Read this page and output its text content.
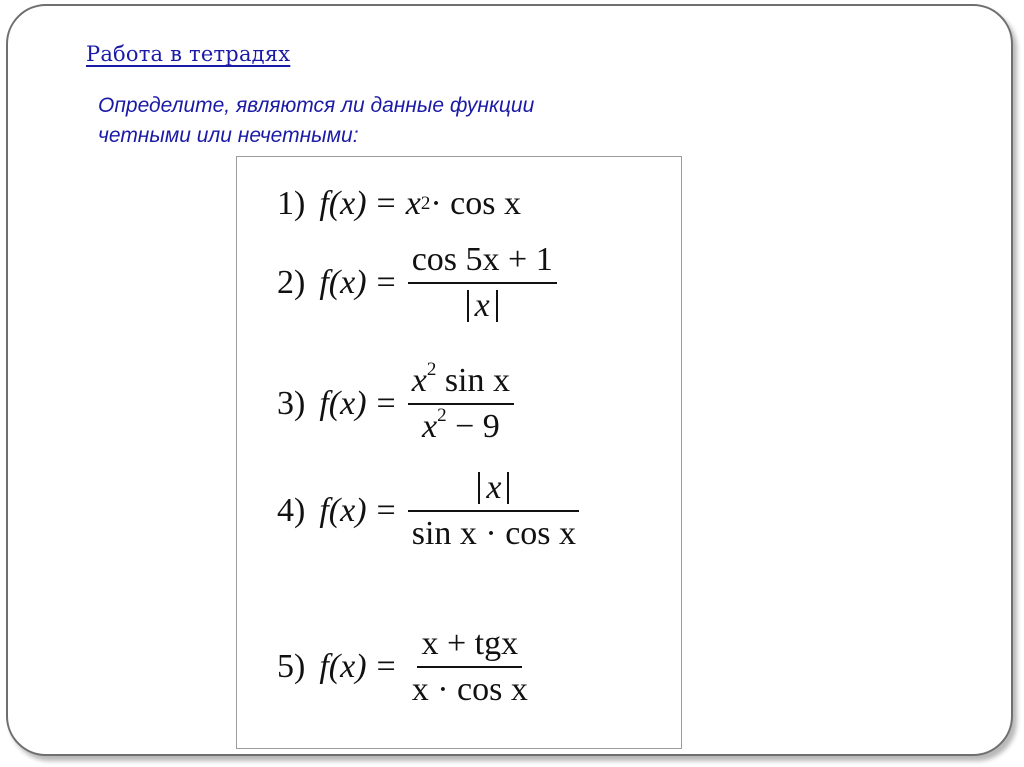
Работа в тетрадях
Определите, являются ли данные функции
четными или нечетными:
1) f (x) = x 2 · cos x
2) f $(x) = \frac{\cos 5x + 1}{x}$
3) f $(x) = \frac{x^2 \sin x}{x^2 - 9}$
4) f $(x) = \frac{x}{\text{sin x · cos x}}$
5) f $(x) = \frac{\text{x + tgx}}{\text{x · cos x}}$
